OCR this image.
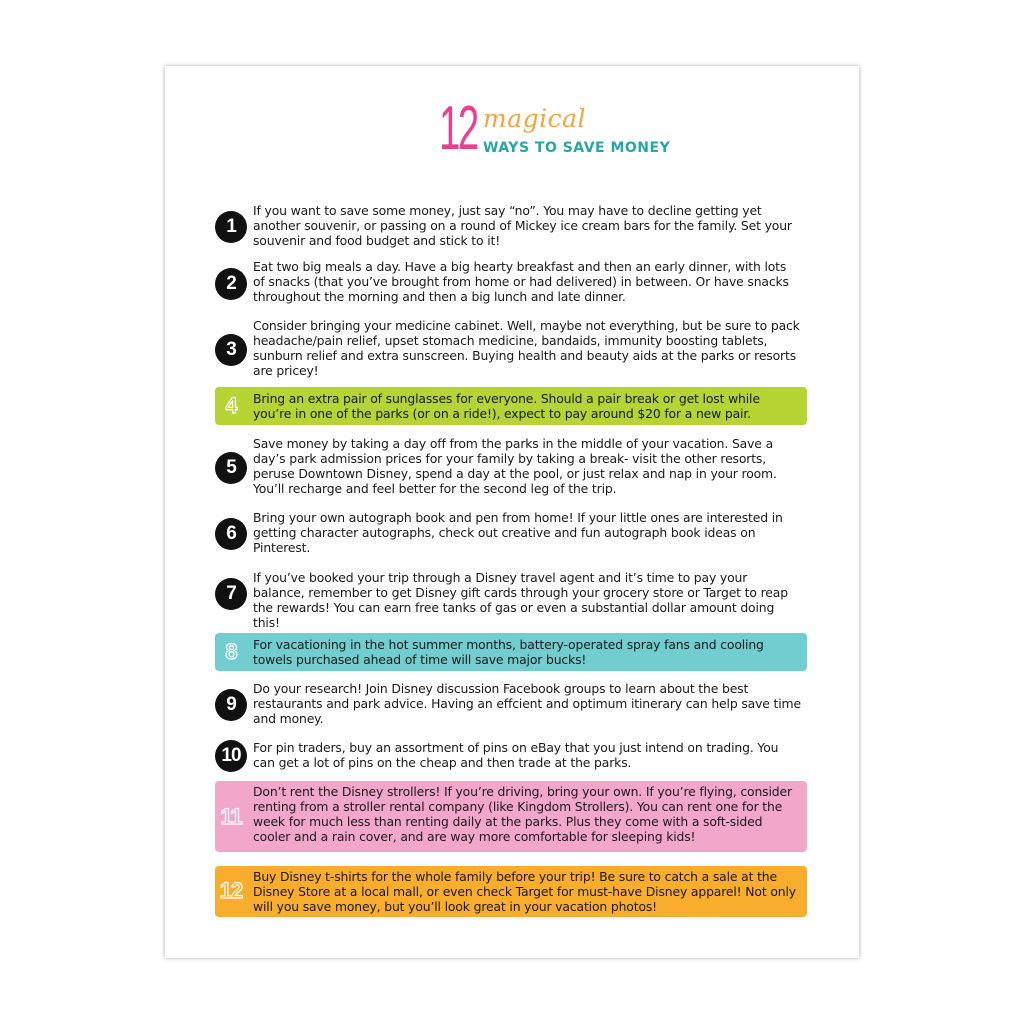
12 magical
WAYS TO SAVE MONEY
1
If you want to save some money, just say “no”. You may have to decline getting yet another souvenir, or passing on a round of Mickey ice cream bars for the family. Set your souvenir and food budget and stick to it!
2
Eat two big meals a day. Have a big hearty breakfast and then an early dinner, with lots of snacks (that you’ve brought from home or had delivered) in between. Or have snacks throughout the morning and then a big lunch and late dinner.
3
Consider bringing your medicine cabinet. Well, maybe not everything, but be sure to pack headache/pain relief, upset stomach medicine, bandaids, immunity boosting tablets, sunburn relief and extra sunscreen. Buying health and beauty aids at the parks or resorts are pricey!
4	Bring an extra pair of sunglasses for everyone. Should a pair break or get lost while you’re in one of the parks (or on a ride!), expect to pay around $20 for a new pair.
5
Save money by taking a day off from the parks in the middle of your vacation. Save a day’s park admission prices for your family by taking a break- visit the other resorts, peruse Downtown Disney, spend a day at the pool, or just relax and nap in your room. You’ll recharge and feel better for the second leg of the trip.
6
Bring your own autograph book and pen from home! If your little ones are interested in getting character autographs, check out creative and fun autograph book ideas on Pinterest.
7
If you’ve booked your trip through a Disney travel agent and it’s time to pay your balance, remember to get Disney gift cards through your grocery store or Target to reap the rewards! You can earn free tanks of gas or even a substantial dollar amount doing this!
8	For vacationing in the hot summer months, battery-operated spray fans and cooling towels purchased ahead of time will save major bucks!
9
Do your research! Join Disney discussion Facebook groups to learn about the best restaurants and park advice. Having an effcient and optimum itinerary can help save time and money.
10	For pin traders, buy an assortment of pins on eBay that you just intend on trading. You can get a lot of pins on the cheap and then trade at the parks.
11
Don’t rent the Disney strollers! If you’re driving, bring your own. If you’re flying, consider renting from a stroller rental company (like Kingdom Strollers). You can rent one for the week for much less than renting daily at the parks. Plus they come with a soft-sided cooler and a rain cover, and are way more comfortable for sleeping kids!
12
Buy Disney t-shirts for the whole family before your trip! Be sure to catch a sale at the Disney Store at a local mall, or even check Target for must-have Disney apparel! Not only will you save money, but you’ll look great in your vacation photos!
